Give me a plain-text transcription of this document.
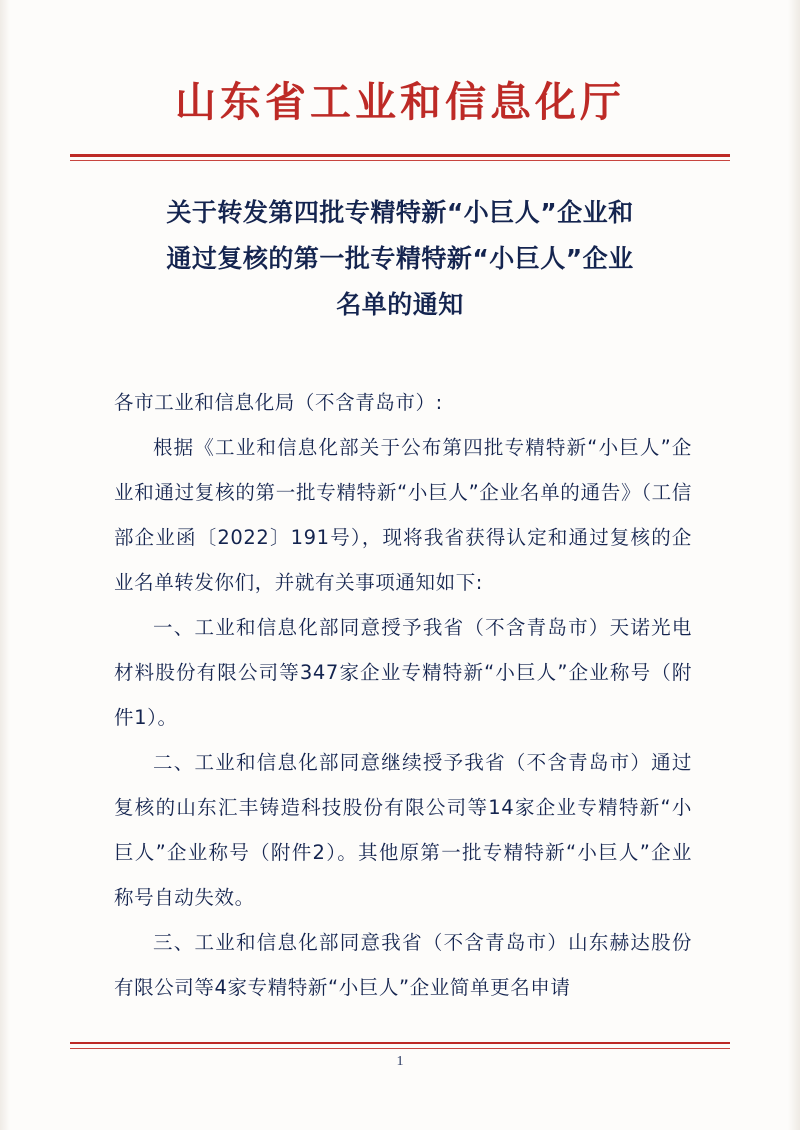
山东省工业和信息化厅
关于转发第四批专精特新“小巨人”企业和
通过复核的第一批专精特新“小巨人”企业
名单的通知

各市工业和信息化局（不含青岛市）:

根据《工业和信息化部关于公布第四批专精特新“小巨人”企业和通过复核的第一批专精特新“小巨人”企业名单的通告》（工信部企业函〔2022〕191号），现将我省获得认定和通过复核的企业名单转发你们，并就有关事项通知如下:

一、工业和信息化部同意授予我省（不含青岛市）天诺光电材料股份有限公司等347家企业专精特新“小巨人”企业称号（附件1）。

二、工业和信息化部同意继续授予我省（不含青岛市）通过复核的山东汇丰铸造科技股份有限公司等14家企业专精特新“小巨人”企业称号（附件2）。其他原第一批专精特新“小巨人”企业称号自动失效。

三、工业和信息化部同意我省（不含青岛市）山东赫达股份有限公司等4家专精特新“小巨人”企业简单更名申请

1
